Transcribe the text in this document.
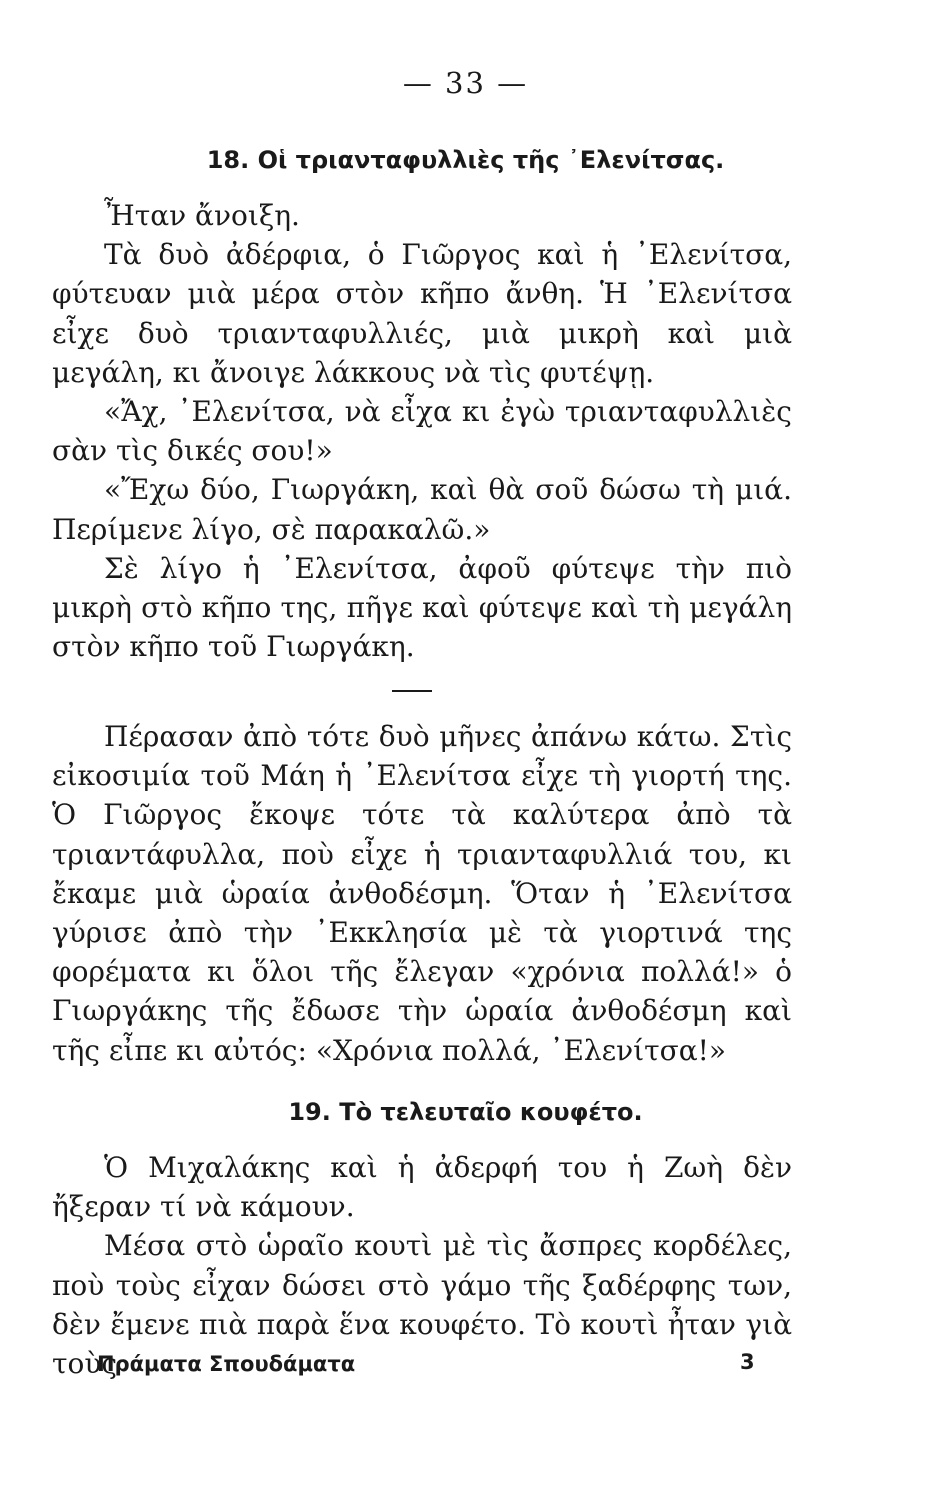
— 33 —
18. Οἱ τριανταφυλλιὲς τῆς ᾿Ελενίτσας.

Ἦταν ἄνοιξη.

Τὰ δυὸ ἀδέρφια, ὁ Γιῶργος καὶ ἡ ᾿Ελενίτσα, φύτευαν μιὰ μέρα στὸν κῆπο ἄνθη. Ἡ ᾿Ελενίτσα εἶχε δυὸ τριανταφυλλιές, μιὰ μικρὴ καὶ μιὰ μεγάλη, κι ἄνοιγε λάκκους νὰ τὶς φυτέψῃ.

«Ἄχ, ᾿Ελενίτσα, νὰ εἶχα κι ἐγὼ τριανταφυλλιὲς σὰν τὶς δικές σου!»

«Ἔχω δύο, Γιωργάκη, καὶ θὰ σοῦ δώσω τὴ μιά. Περίμενε λίγο, σὲ παρακαλῶ.»

Σὲ λίγο ἡ ᾿Ελενίτσα, ἀφοῦ φύτεψε τὴν πιὸ μικρὴ στὸ κῆπο της, πῆγε καὶ φύτεψε καὶ τὴ μεγάλη στὸν κῆπο τοῦ Γιωργάκη.

Πέρασαν ἀπὸ τότε δυὸ μῆνες ἀπάνω κάτω. Στὶς εἰκοσιμία τοῦ Μάη ἡ ᾿Ελενίτσα εἶχε τὴ γιορτή της. Ὁ Γιῶργος ἔκοψε τότε τὰ καλύτερα ἀπὸ τὰ τριαντάφυλλα, ποὺ εἶχε ἡ τριανταφυλλιά του, κι ἔκαμε μιὰ ὡραία ἀνθοδέσμη. Ὅταν ἡ ᾿Ελενίτσα γύρισε ἀπὸ τὴν ᾿Εκκλησία μὲ τὰ γιορτινά της φορέματα κι ὅλοι τῆς ἔλεγαν «χρόνια πολλά!» ὁ Γιωργάκης τῆς ἔδωσε τὴν ὡραία ἀνθοδέσμη καὶ τῆς εἶπε κι αὐτός: «Χρόνια πολλά, ᾿Ελενίτσα!»

19. Τὸ τελευταῖο κουφέτο.

Ὁ Μιχαλάκης καὶ ἡ ἀδερφή του ἡ Ζωὴ δὲν ἤξεραν τί νὰ κάμουν.

Μέσα στὸ ὡραῖο κουτὶ μὲ τὶς ἄσπρες κορδέλες, ποὺ τοὺς εἶχαν δώσει στὸ γάμο τῆς ξαδέρφης των, δὲν ἔμενε πιὰ παρὰ ἕνα κουφέτο. Τὸ κουτὶ ἦταν γιὰ τοὺς

Πράματα Σπουδάματα	3
